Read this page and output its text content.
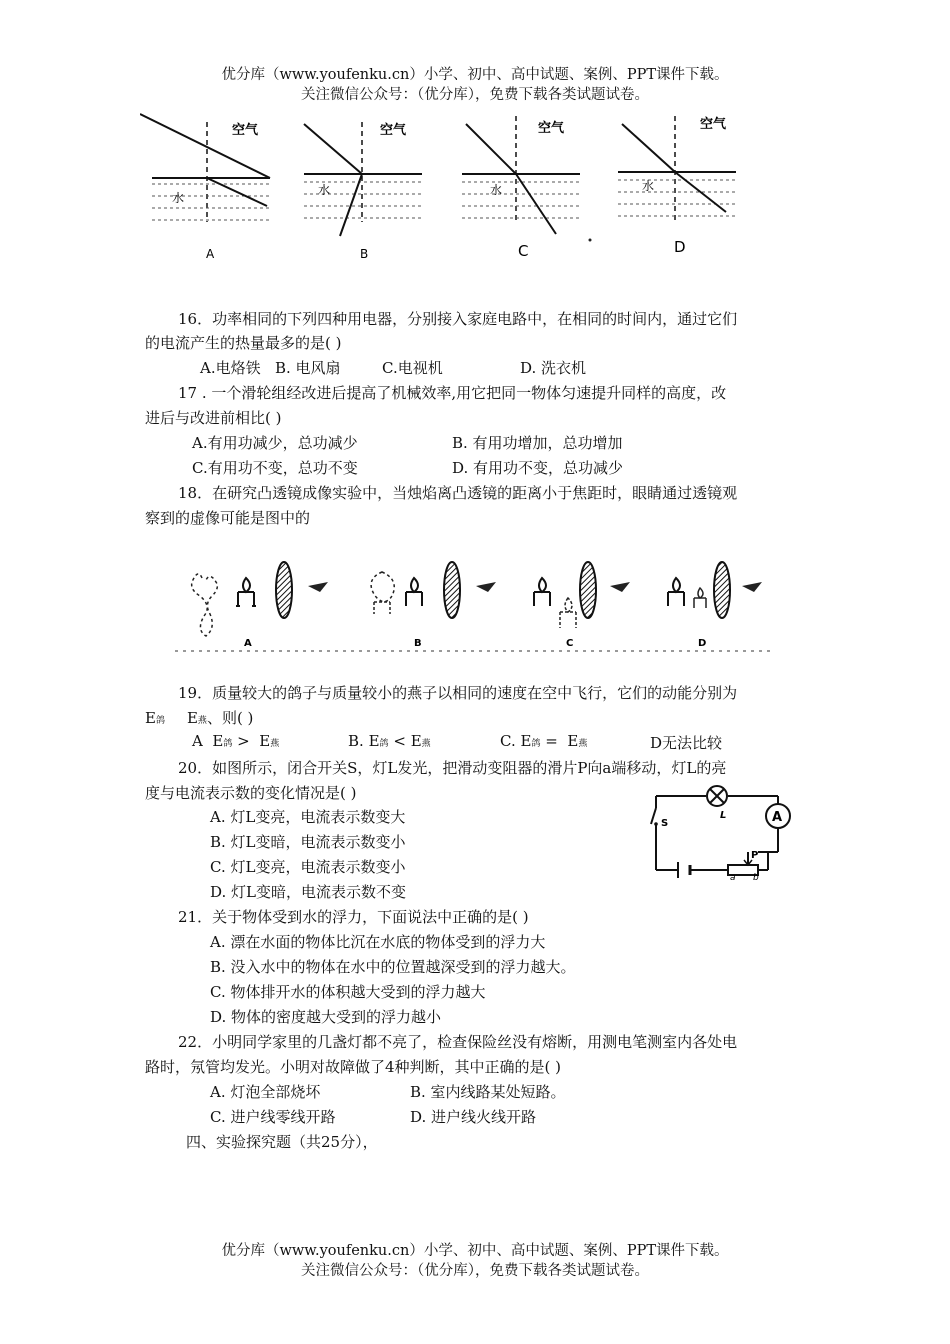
优分库（www.youfenku.cn）小学、初中、高中试题、案例、PPT课件下载。
关注微信公众号：（优分库），免费下载各类试题试卷。
空气
水
A
空气
水
B
空气
水
C
空气
水
D
16．功率相同的下列四种用电器，分别接入家庭电路中，在相同的时间内，通过它们
的电流产生的热量最多的是( )
A.电烙铁 B. 电风扇	C.电视机	D. 洗衣机
17 . 一个滑轮组经改进后提高了机械效率,用它把同一物体匀速提升同样的高度，改
进后与改进前相比( )
A.有用功减少，总功减少	B. 有用功增加，总功增加
C.有用功不变，总功不变	D. 有用功不变，总功减少
18．在研究凸透镜成像实验中，当烛焰离凸透镜的距离小于焦距时，眼睛通过透镜观
察到的虚像可能是图中的
A	B	C	D
19．质量较大的鸽子与质量较小的燕子以相同的速度在空中飞行，它们的动能分别为
E鸽 E燕、则( )
A E鸽 > E燕	B. E鸽 < E燕	C. E鸽 = E燕	D无法比较
20．如图所示，闭合开关S，灯L发光，把滑动变阻器的滑片P向a端移动，灯L的亮
度与电流表示数的变化情况是( )
A. 灯L变亮，电流表示数变大
B. 灯L变暗，电流表示数变小
C. 灯L变亮，电流表示数变小
D. 灯L变暗，电流表示数不变
L	A
S
P
a b
21．关于物体受到水的浮力，下面说法中正确的是( )
A. 漂在水面的物体比沉在水底的物体受到的浮力大
B. 没入水中的物体在水中的位置越深受到的浮力越大。
C. 物体排开水的体积越大受到的浮力越大
D. 物体的密度越大受到的浮力越小
22．小明同学家里的几盏灯都不亮了，检查保险丝没有熔断，用测电笔测室内各处电
路时，氖管均发光。小明对故障做了4种判断，其中正确的是( )
A. 灯泡全部烧坏	B. 室内线路某处短路。
C. 进户线零线开路	D. 进户线火线开路
四、实验探究题（共25分），
优分库（www.youfenku.cn）小学、初中、高中试题、案例、PPT课件下载。
关注微信公众号：（优分库），免费下载各类试题试卷。
